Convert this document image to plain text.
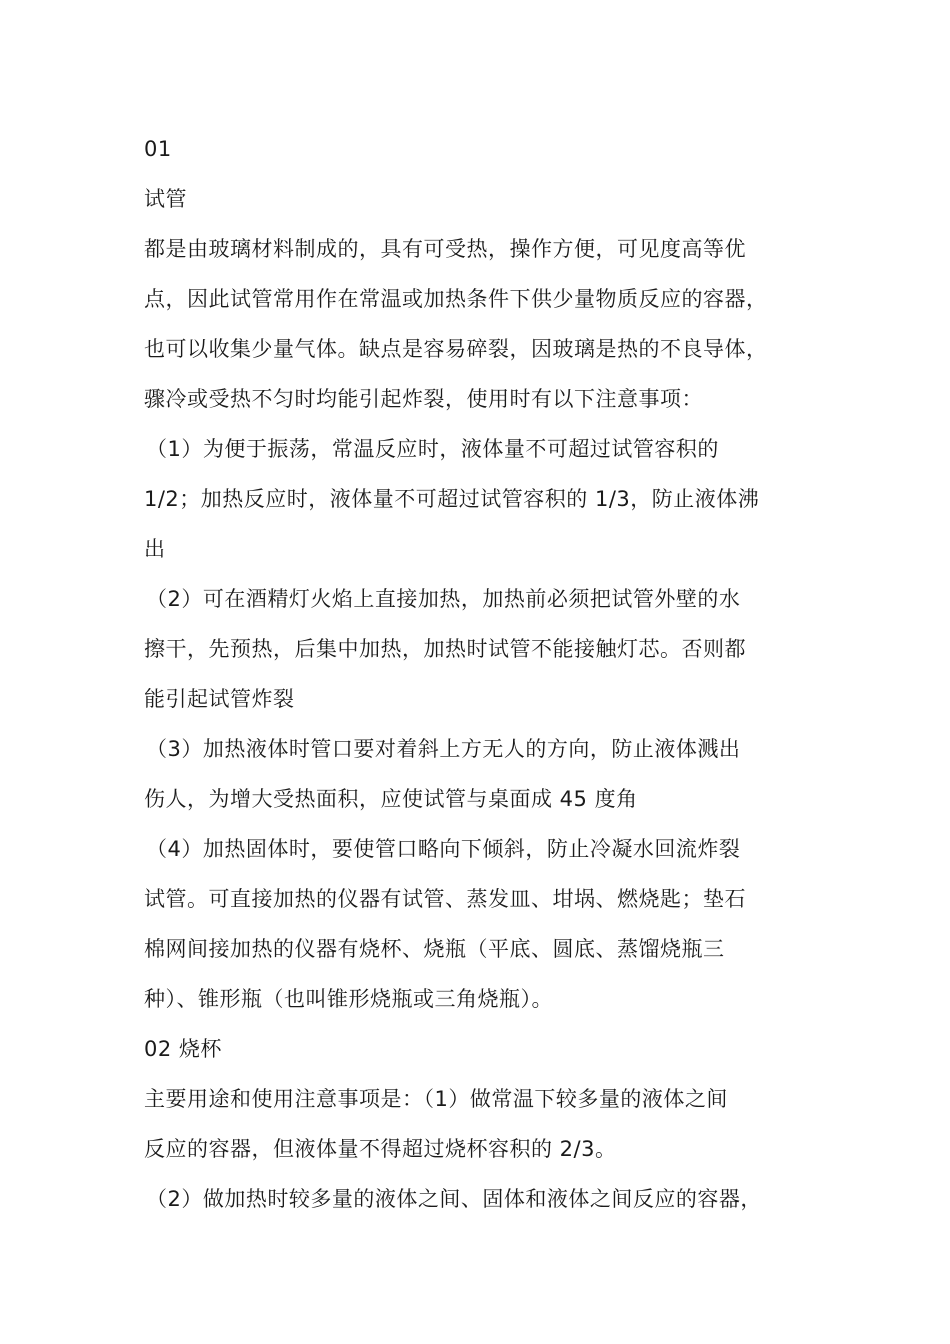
01
试管
都是由玻璃材料制成的，具有可受热，操作方便，可见度高等优
点，因此试管常用作在常温或加热条件下供少量物质反应的容器，
也可以收集少量气体。缺点是容易碎裂，因玻璃是热的不良导体，
骤冷或受热不匀时均能引起炸裂，使用时有以下注意事项：
（1）为便于振荡，常温反应时，液体量不可超过试管容积的
1/2；加热反应时，液体量不可超过试管容积的 1/3，防止液体沸
出
（2）可在酒精灯火焰上直接加热，加热前必须把试管外壁的水
擦干，先预热，后集中加热，加热时试管不能接触灯芯。否则都
能引起试管炸裂
（3）加热液体时管口要对着斜上方无人的方向，防止液体溅出
伤人，为增大受热面积，应使试管与桌面成 45 度角
（4）加热固体时，要使管口略向下倾斜，防止冷凝水回流炸裂
试管。可直接加热的仪器有试管、蒸发皿、坩埚、燃烧匙；垫石
棉网间接加热的仪器有烧杯、烧瓶（平底、圆底、蒸馏烧瓶三
种）、锥形瓶（也叫锥形烧瓶或三角烧瓶）。
02 烧杯
主要用途和使用注意事项是：（1）做常温下较多量的液体之间
反应的容器，但液体量不得超过烧杯容积的 2/3。
（2）做加热时较多量的液体之间、固体和液体之间反应的容器，
